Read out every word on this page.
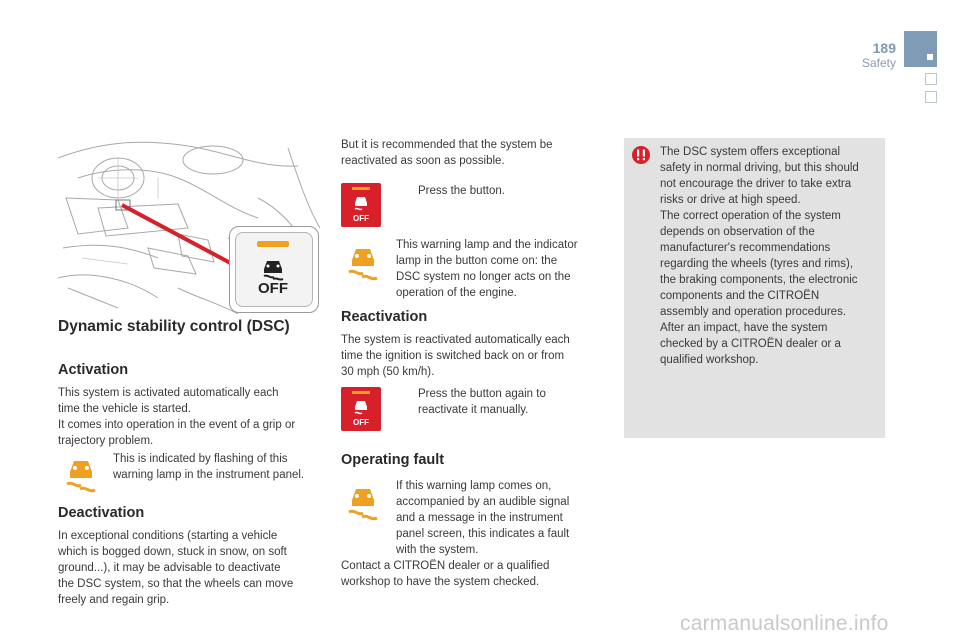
189
Safety
OFF
Dynamic stability control (DSC)
Activation
This system is activated automatically each
time the vehicle is started.
It comes into operation in the event of a grip or
trajectory problem.
This is indicated by flashing of this
warning lamp in the instrument panel.
Deactivation
In exceptional conditions (starting a vehicle
which is bogged down, stuck in snow, on soft
ground...), it may be advisable to deactivate
the DSC system, so that the wheels can move
freely and regain grip.
But it is recommended that the system be
reactivated as soon as possible.
OFF
Press the button.
This warning lamp and the indicator
lamp in the button come on: the
DSC system no longer acts on the
operation of the engine.
Reactivation
The system is reactivated automatically each
time the ignition is switched back on or from
30 mph (50 km/h).
OFF
Press the button again to
reactivate it manually.
Operating fault
If this warning lamp comes on,
accompanied by an audible signal
and a message in the instrument
panel screen, this indicates a fault
with the system.
Contact a CITROËN dealer or a qualified
workshop to have the system checked.
The DSC system offers exceptional
safety in normal driving, but this should
not encourage the driver to take extra
risks or drive at high speed.
The correct operation of the system
depends on observation of the
manufacturer's recommendations
regarding the wheels (tyres and rims),
the braking components, the electronic
components and the CITROËN
assembly and operation procedures.
After an impact, have the system
checked by a CITROËN dealer or a
qualified workshop.
carmanualsonline.info
